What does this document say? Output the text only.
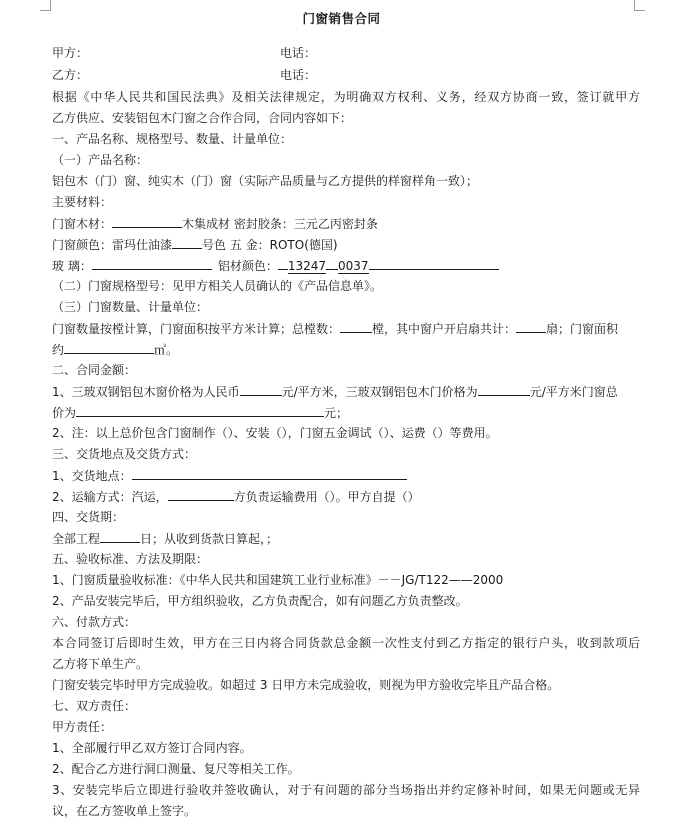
门窗销售合同
甲方：	电话：
乙方：	电话：
根据《中华人民共和国民法典》及相关法律规定，为明确双方权利、义务，经双方协商一致，签订就甲方
乙方供应、安装铝包木门窗之合作合同，合同内容如下：
一、产品名称、规格型号、数量、计量单位：
（一）产品名称：
铝包木（门）窗、纯实木（门）窗（实际产品质量与乙方提供的样窗样角一致）；
主要材料：
门窗木材：	木集成材 密封胶条：三元乙丙密封条
门窗颜色：雷玛仕油漆	号色 五 金：ROTO(德国)
玻 璃：	铝材颜色： 13247 0037
（二）门窗规格型号：见甲方相关人员确认的《产品信息单》。
（三）门窗数量、计量单位：
门窗数量按樘计算，门窗面积按平方米计算；总樘数：	樘，其中窗户开启扇共计：	扇；门窗面积
约	㎡。
二、合同金额：
1、三玻双钢铝包木窗价格为人民币	元/平方米，三玻双钢铝包木门价格为	元/平方米门窗总
价为	元；
2、注：以上总价包含门窗制作（）、安装（），门窗五金调试（）、运费（）等费用。
三、交货地点及交货方式：
1、交货地点：
2、运输方式：汽运，	方负责运输费用（）。甲方自提（）
四、交货期：
全部工程	日；从收到货款日算起，；
五、验收标准、方法及期限：
1、门窗质量验收标准：《中华人民共和国建筑工业行业标准》－－JG/T122——2000
2、产品安装完毕后，甲方组织验收，乙方负责配合，如有问题乙方负责整改。
六、付款方式：
本合同签订后即时生效，甲方在三日内将合同货款总金额一次性支付到乙方指定的银行户头，收到款项后
乙方将下单生产。
门窗安装完毕时甲方完成验收。如超过 3 日甲方未完成验收，则视为甲方验收完毕且产品合格。
七、双方责任：
甲方责任：
1、全部履行甲乙双方签订合同内容。
2、配合乙方进行洞口测量、复尺等相关工作。
3、安装完毕后立即进行验收并签收确认，对于有问题的部分当场指出并约定修补时间，如果无问题或无异
议，在乙方签收单上签字。
